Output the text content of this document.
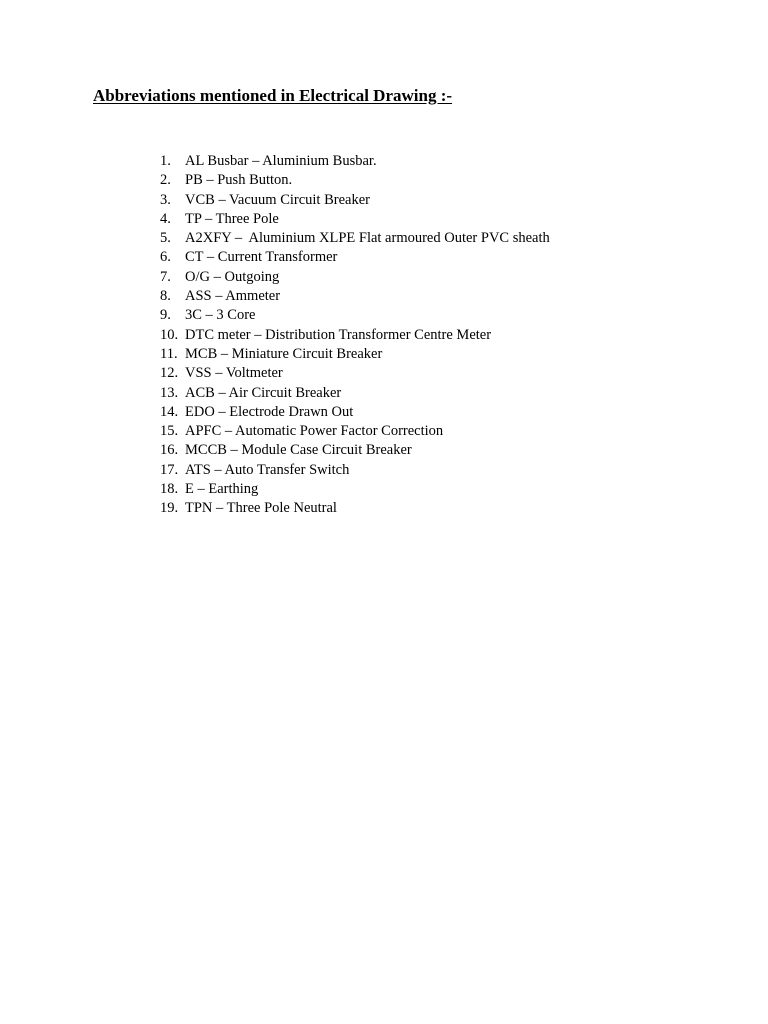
Abbreviations mentioned in Electrical Drawing :-
1. AL Busbar – Aluminium Busbar.
2. PB – Push Button.
3. VCB – Vacuum Circuit Breaker
4. TP – Three Pole
5. A2XFY –  Aluminium XLPE Flat armoured Outer PVC sheath
6. CT – Current Transformer
7. O/G – Outgoing
8. ASS – Ammeter
9. 3C – 3 Core
10. DTC meter – Distribution Transformer Centre Meter
11. MCB – Miniature Circuit Breaker
12. VSS – Voltmeter
13. ACB – Air Circuit Breaker
14. EDO – Electrode Drawn Out
15. APFC – Automatic Power Factor Correction
16. MCCB – Module Case Circuit Breaker
17. ATS – Auto Transfer Switch
18. E – Earthing
19. TPN – Three Pole Neutral
